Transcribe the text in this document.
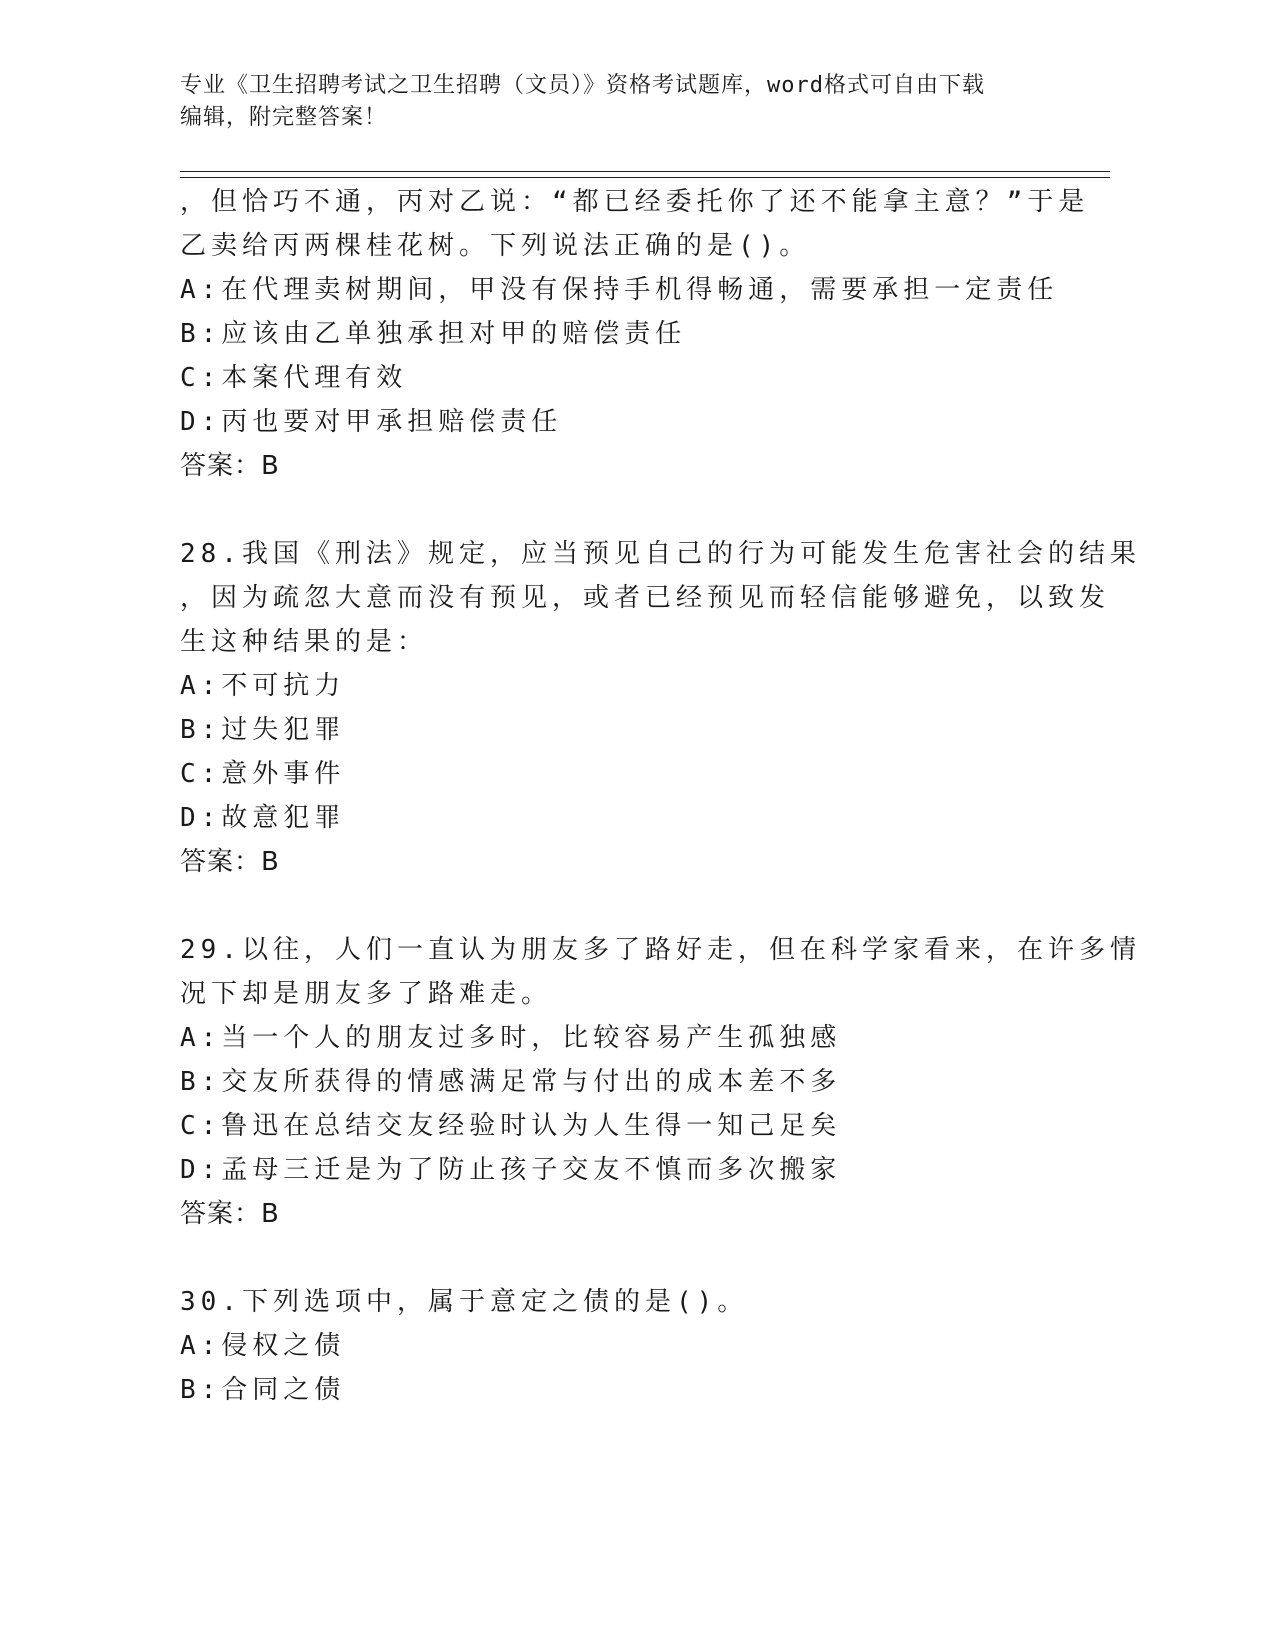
专业《卫生招聘考试之卫生招聘（文员）》资格考试题库，word格式可自由下载
编辑，附完整答案！
，但恰巧不通，丙对乙说：“都已经委托你了还不能拿主意？”于是
乙卖给丙两棵桂花树。下列说法正确的是()。
A:在代理卖树期间，甲没有保持手机得畅通，需要承担一定责任
B:应该由乙单独承担对甲的赔偿责任
C:本案代理有效
D:丙也要对甲承担赔偿责任
答案：B
28.我国《刑法》规定，应当预见自己的行为可能发生危害社会的结果
，因为疏忽大意而没有预见，或者已经预见而轻信能够避免，以致发
生这种结果的是：
A:不可抗力
B:过失犯罪
C:意外事件
D:故意犯罪
答案：B
29.以往，人们一直认为朋友多了路好走，但在科学家看来，在许多情
况下却是朋友多了路难走。
A:当一个人的朋友过多时，比较容易产生孤独感
B:交友所获得的情感满足常与付出的成本差不多
C:鲁迅在总结交友经验时认为人生得一知己足矣
D:孟母三迁是为了防止孩子交友不慎而多次搬家
答案：B
30.下列选项中，属于意定之债的是()。
A:侵权之债
B:合同之债
